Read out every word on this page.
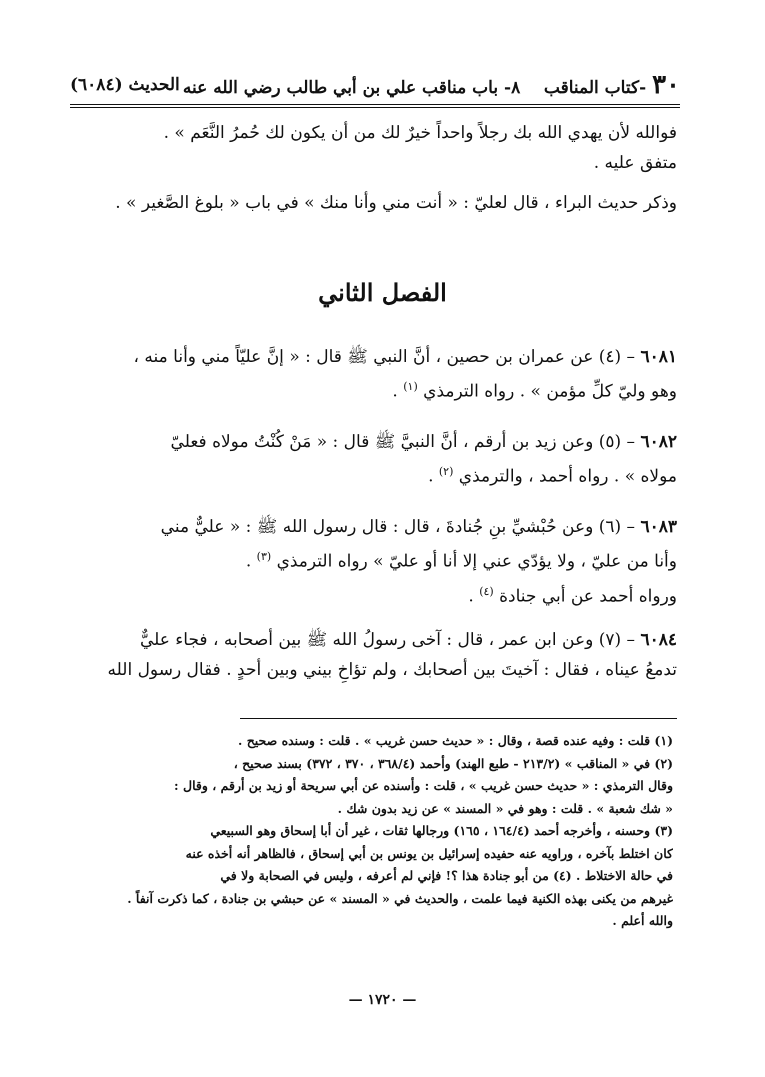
٣٠ -كتاب المناقب    ٨- باب مناقب علي بن أبي طالب رضي الله عنه
الحديث (٦٠٨٤)
فوالله لأن يهدي الله بك رجلاً واحداً خيرٌ لك من أن يكون لك حُمرُ النَّعَم » .
متفق عليه .
وذكر حديث البراء ، قال لعليّ : « أنت مني وأنا منك » في باب « بلوغ الصَّغير » .
الفصل الثاني
٦٠٨١ – (٤) عن عمران بن حصين ، أنَّ النبي ﷺ قال : « إنَّ عليّاً مني وأنا منه ،
وهو وليّ كلِّ مؤمن » . رواه الترمذي $^{(١)}$ .
٦٠٨٢ – (٥) وعن زيد بن أرقم ، أنَّ النبيَّ ﷺ قال : « مَنْ كُنْتُ مولاه فعليّ
مولاه » . رواه أحمد ، والترمذي $^{(٢)}$ .
٦٠٨٣ – (٦) وعن حُبْشيِّ بنِ جُنادةَ ، قال : قال رسول الله ﷺ : « عليٌّ مني
وأنا من عليّ ، ولا يؤدّي عني إلا أنا أو عليّ » رواه الترمذي $^{(٣)}$ .
ورواه أحمد عن أبي جنادة $^{(٤)}$ .
٦٠٨٤ – (٧) وعن ابن عمر ، قال : آخى رسولُ الله ﷺ بين أصحابه ، فجاء عليٌّ
تدمعُ عيناه ، فقال : آخيتَ بين أصحابك ، ولم تؤاخِ بيني وبين أحدٍ . فقال رسول الله
(١) قلت : وفيه عنده قصة ، وقال : « حديث حسن غريب » . قلت : وسنده صحيح .
(٢) في « المناقب » (٢١٣/٢ - طبع الهند) وأحمد (٣٦٨/٤ ، ٣٧٠ ، ٣٧٢) بسند صحيح ،
وقال الترمذي : « حديث حسن غريب » ، قلت : وأسنده عن أبي سريحة أو زيد بن أرقم ، وقال :
« شك شعبة » . قلت : وهو في « المسند » عن زيد بدون شك .
(٣) وحسنه ، وأخرجه أحمد (١٦٤/٤ ، ١٦٥) ورجالها ثقات ، غير أن أبا إسحاق وهو السبيعي
كان اختلط بآخره ، وراويه عنه حفيده إسرائيل بن يونس بن أبي إسحاق ، فالظاهر أنه أخذه عنه
في حالة الاختلاط . (٤) من أبو جنادة هذا ؟! فإني لم أعرفه ، وليس في الصحابة ولا في
غيرهم من يكنى بهذه الكنية فيما علمت ، والحديث في « المسند » عن حبشي بن جنادة ، كما ذكرت آنفاً .
والله أعلم .
— ١٧٢٠ —
